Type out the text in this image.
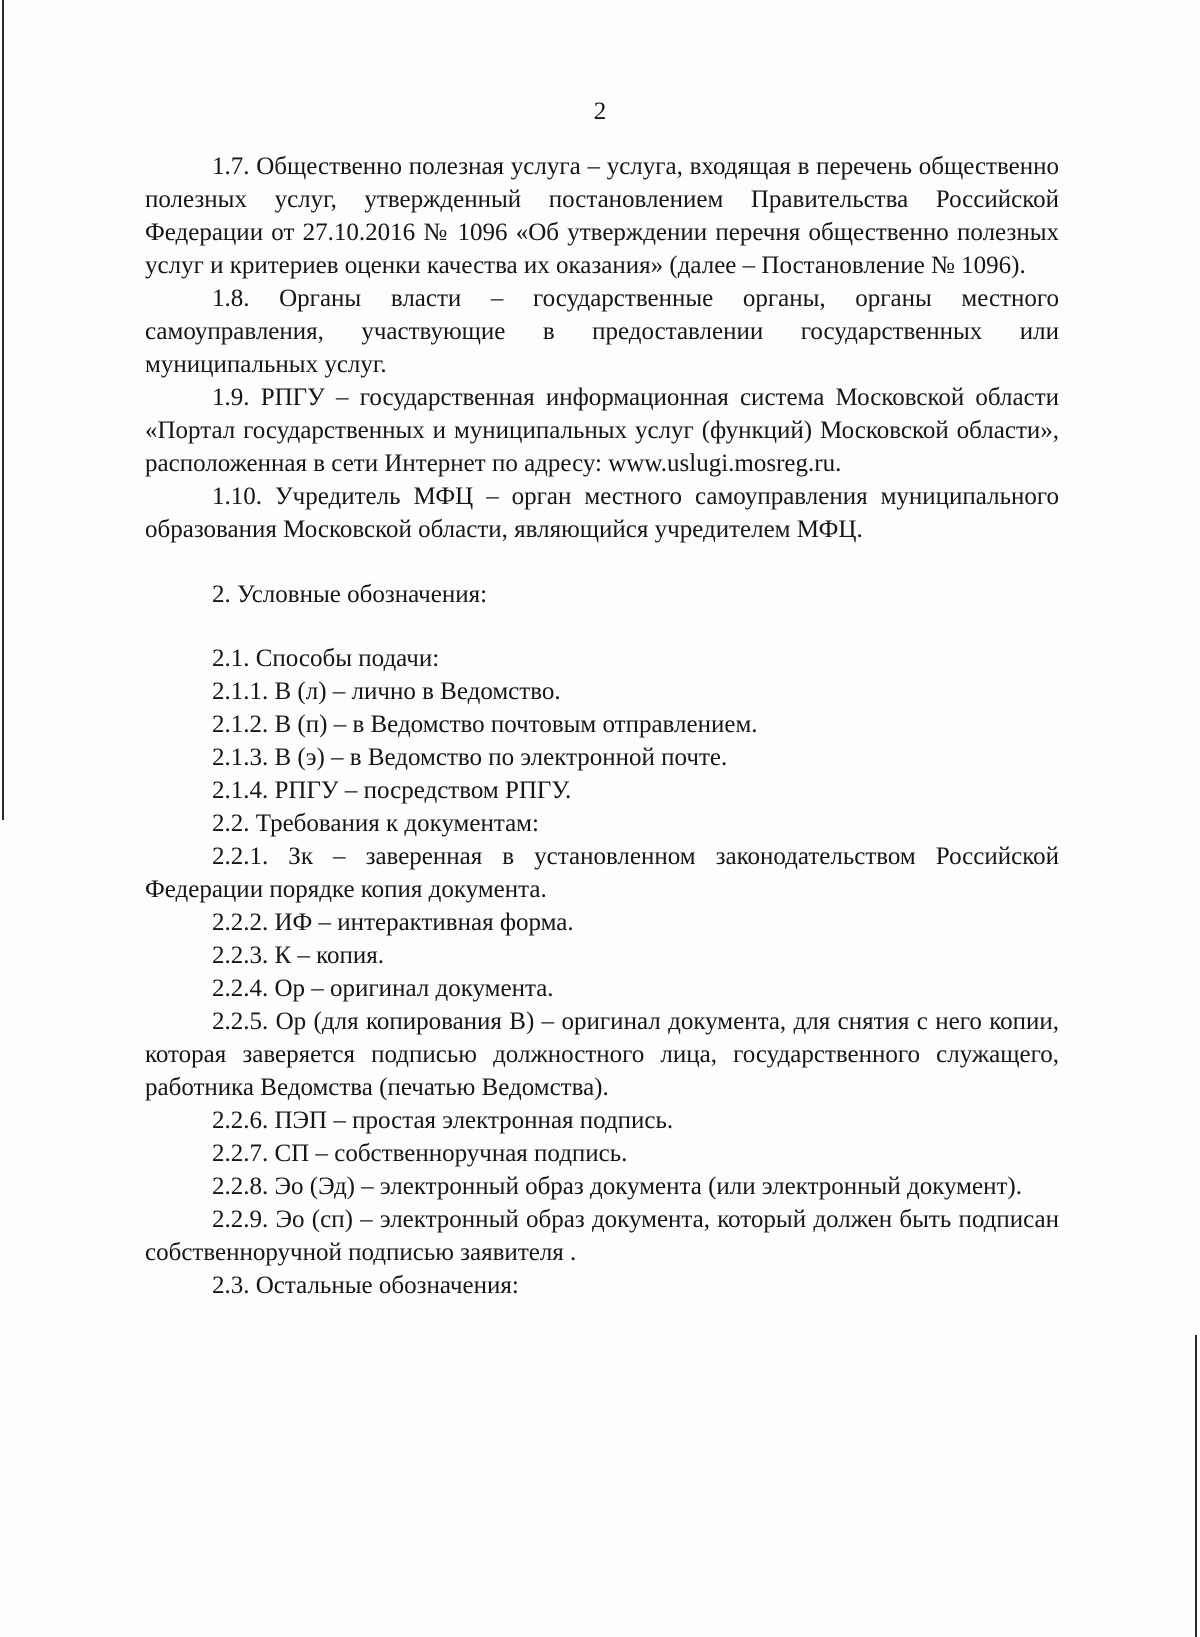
2

1.7. Общественно полезная услуга – услуга, входящая в перечень общественно полезных услуг, утвержденный постановлением Правительства Российской Федерации от 27.10.2016 № 1096 «Об утверждении перечня общественно полезных услуг и критериев оценки качества их оказания» (далее – Постановление № 1096).

1.8. Органы власти – государственные органы, органы местного самоуправления, участвующие в предоставлении государственных или муниципальных услуг.

1.9. РПГУ – государственная информационная система Московской области «Портал государственных и муниципальных услуг (функций) Московской области», расположенная в сети Интернет по адресу: www.uslugi.mosreg.ru.

1.10. Учредитель МФЦ – орган местного самоуправления муниципального образования Московской области, являющийся учредителем МФЦ.

2. Условные обозначения:

2.1. Способы подачи:

2.1.1. В (л) – лично в Ведомство.

2.1.2. В (п) – в Ведомство почтовым отправлением.

2.1.3. В (э) – в Ведомство по электронной почте.

2.1.4. РПГУ – посредством РПГУ.

2.2. Требования к документам:

2.2.1. Зк – заверенная в установленном законодательством Российской Федерации порядке копия документа.

2.2.2. ИФ – интерактивная форма.

2.2.3. К – копия.

2.2.4. Ор – оригинал документа.

2.2.5. Ор (для копирования В) – оригинал документа, для снятия с него копии, которая заверяется подписью должностного лица, государственного служащего, работника Ведомства (печатью Ведомства).

2.2.6. ПЭП – простая электронная подпись.

2.2.7. СП – собственноручная подпись.

2.2.8. Эо (Эд) – электронный образ документа (или электронный документ).

2.2.9. Эо (сп) – электронный образ документа, который должен быть подписан собственноручной подписью заявителя .

2.3. Остальные обозначения:
